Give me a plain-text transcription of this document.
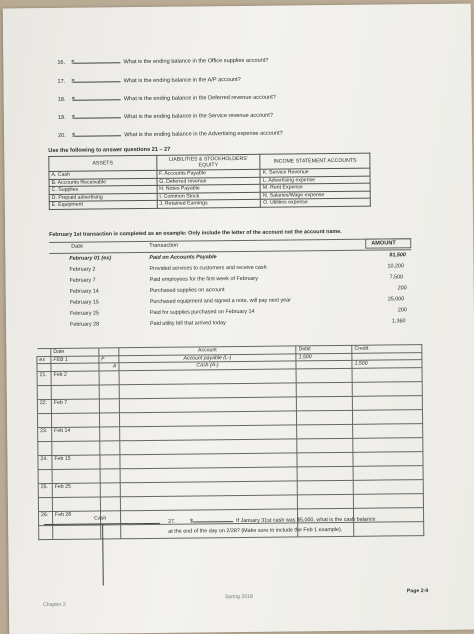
16. $	What is the ending balance in the Office supplies account?
17. $	What is the ending balance in the A/P account?
18. $	What is the ending balance in the Deferred revenue account?
19. $	What is the ending balance in the Service revenue account?
20. $	What is the ending balance in the Advertising expense account?
Use the following to answer questions 21 – 27
ASSETS	LIABILITIES & STOCKHOLDERS' EQUITY	INCOME STATEMENT ACCOUNTS
A. Cash	F. Accounts Payable	K. Service Revenue
B. Accounts Receivable	G. Deferred revenue	L. Advertising expense
C. Supplies	H. Notes Payable	M. Rent Expense
D. Prepaid advertising	I. Common Stock	N. Salaries/Wage expense
E. Equipment	J. Retained Earnings	O. Utilities expense
February 1st transaction is completed as an example: Only include the letter of the account not the account name.
Date	Transaction	AMOUNT
February 01 (ex)	Paid on Accounts Payable	$1,500
February 2	Provided services to customers and receive cash	10,200
February 7	Paid employees for the first week of February	7,500
February 14	Purchased supplies on account	200
February 15	Purchased equipment and signed a note, will pay next year	25,000
February 25	Paid for supplies purchased on February 14	200
February 28	Paid utility bill that arrived today	1,360
	Date		Account	Debit	Credit
ex	FEB 1	F	Account payable (L-)	1,500	
		A	Cash (A-)		1,500
21.	Feb 2				

22.	Feb 7				

23.	Feb 14				

24.	Feb 15				

25.	Feb 25				

26.	Feb 28				

Cash
27.	$	If January 31st cash was $5,000, what is the cash balance
at the end of the day on 2/28? (Make sure to include the Feb 1 example).
Chapter 2
Spring 2018
Page 2-9
